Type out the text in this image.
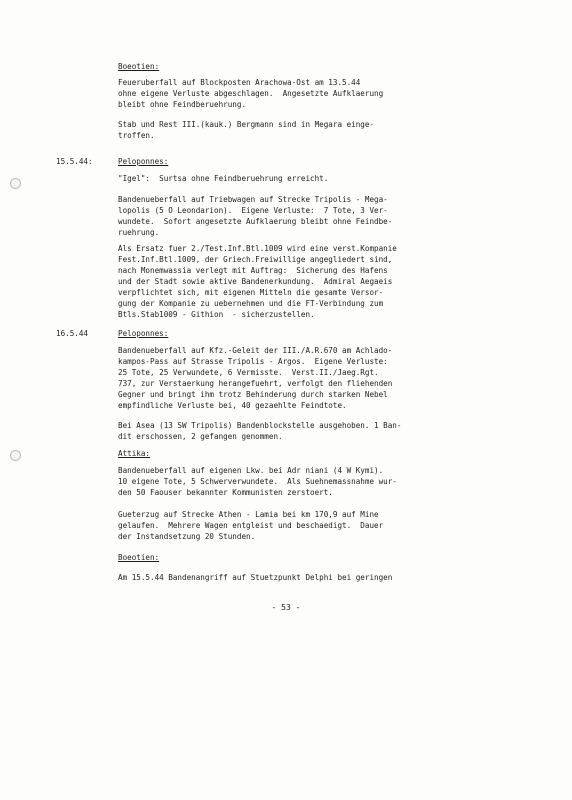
Boeotien:
Feueruberfall auf Blockposten Arachowa-Ost am 13.5.44
ohne eigene Verluste abgeschlagen.  Angesetzte Aufklaerung
bleibt ohne Feindberuehrung.
Stab und Rest III.(kauk.) Bergmann sind in Megara einge-
troffen.
15.5.44:	Peloponnes:
"Igel":  Surtsa ohne Feindberuehrung erreicht.
Bandenueberfall auf Triebwagen auf Strecke Tripolis - Mega-
lopolis (5 O Leondarion).  Eigene Verluste:  7 Tote, 3 Ver-
wundete.  Sofort angesetzte Aufklaerung bleibt ohne Feindbe-
ruehrung.
Als Ersatz fuer 2./Test.Inf.Btl.1009 wird eine verst.Kompanie
Fest.Inf.Btl.1009, der Griech.Freiwillige angegliedert sind,
nach Monemwassia verlegt mit Auftrag:  Sicherung des Hafens
und der Stadt sowie aktive Bandenerkundung.  Admiral Aegaeis
verpflichtet sich, mit eigenen Mitteln die gesamte Versor-
gung der Kompanie zu uebernehmen und die FT-Verbindung zum
Btls.Stab1009 - Githion  - sicherzustellen.
16.5.44	Peloponnes:
Bandenueberfall auf Kfz.-Geleit der III./A.R.670 am Achlado-
kampos-Pass auf Strasse Tripolis - Argos.  Eigene Verluste:
25 Tote, 25 Verwundete, 6 Vermisste.  Verst.II./Jaeg.Rgt.
737, zur Verstaerkung herangefuehrt, verfolgt den fliehenden
Gegner und bringt ihm trotz Behinderung durch starken Nebel
empfindliche Verluste bei, 40 gezaehlte Feindtote.
Bei Asea (13 SW Tripolis) Bandenblockstelle ausgehoben. 1 Ban-
dit erschossen, 2 gefangen genommen.
Attika:
Bandenueberfall auf eigenen Lkw. bei Adr niani (4 W Kymi).
10 eigene Tote, 5 Schwerverwundete.  Als Suehnemassnahme wur-
den 50 Faouser bekannter Kommunisten zerstoert.
Gueterzug auf Strecke Athen - Lamia bei km 170,9 auf Mine
gelaufen.  Mehrere Wagen entgleist und beschaedigt.  Dauer
der Instandsetzung 20 Stunden.
Boeotien:
Am 15.5.44 Bandenangriff auf Stuetzpunkt Delphi bei geringen
- 53 -
